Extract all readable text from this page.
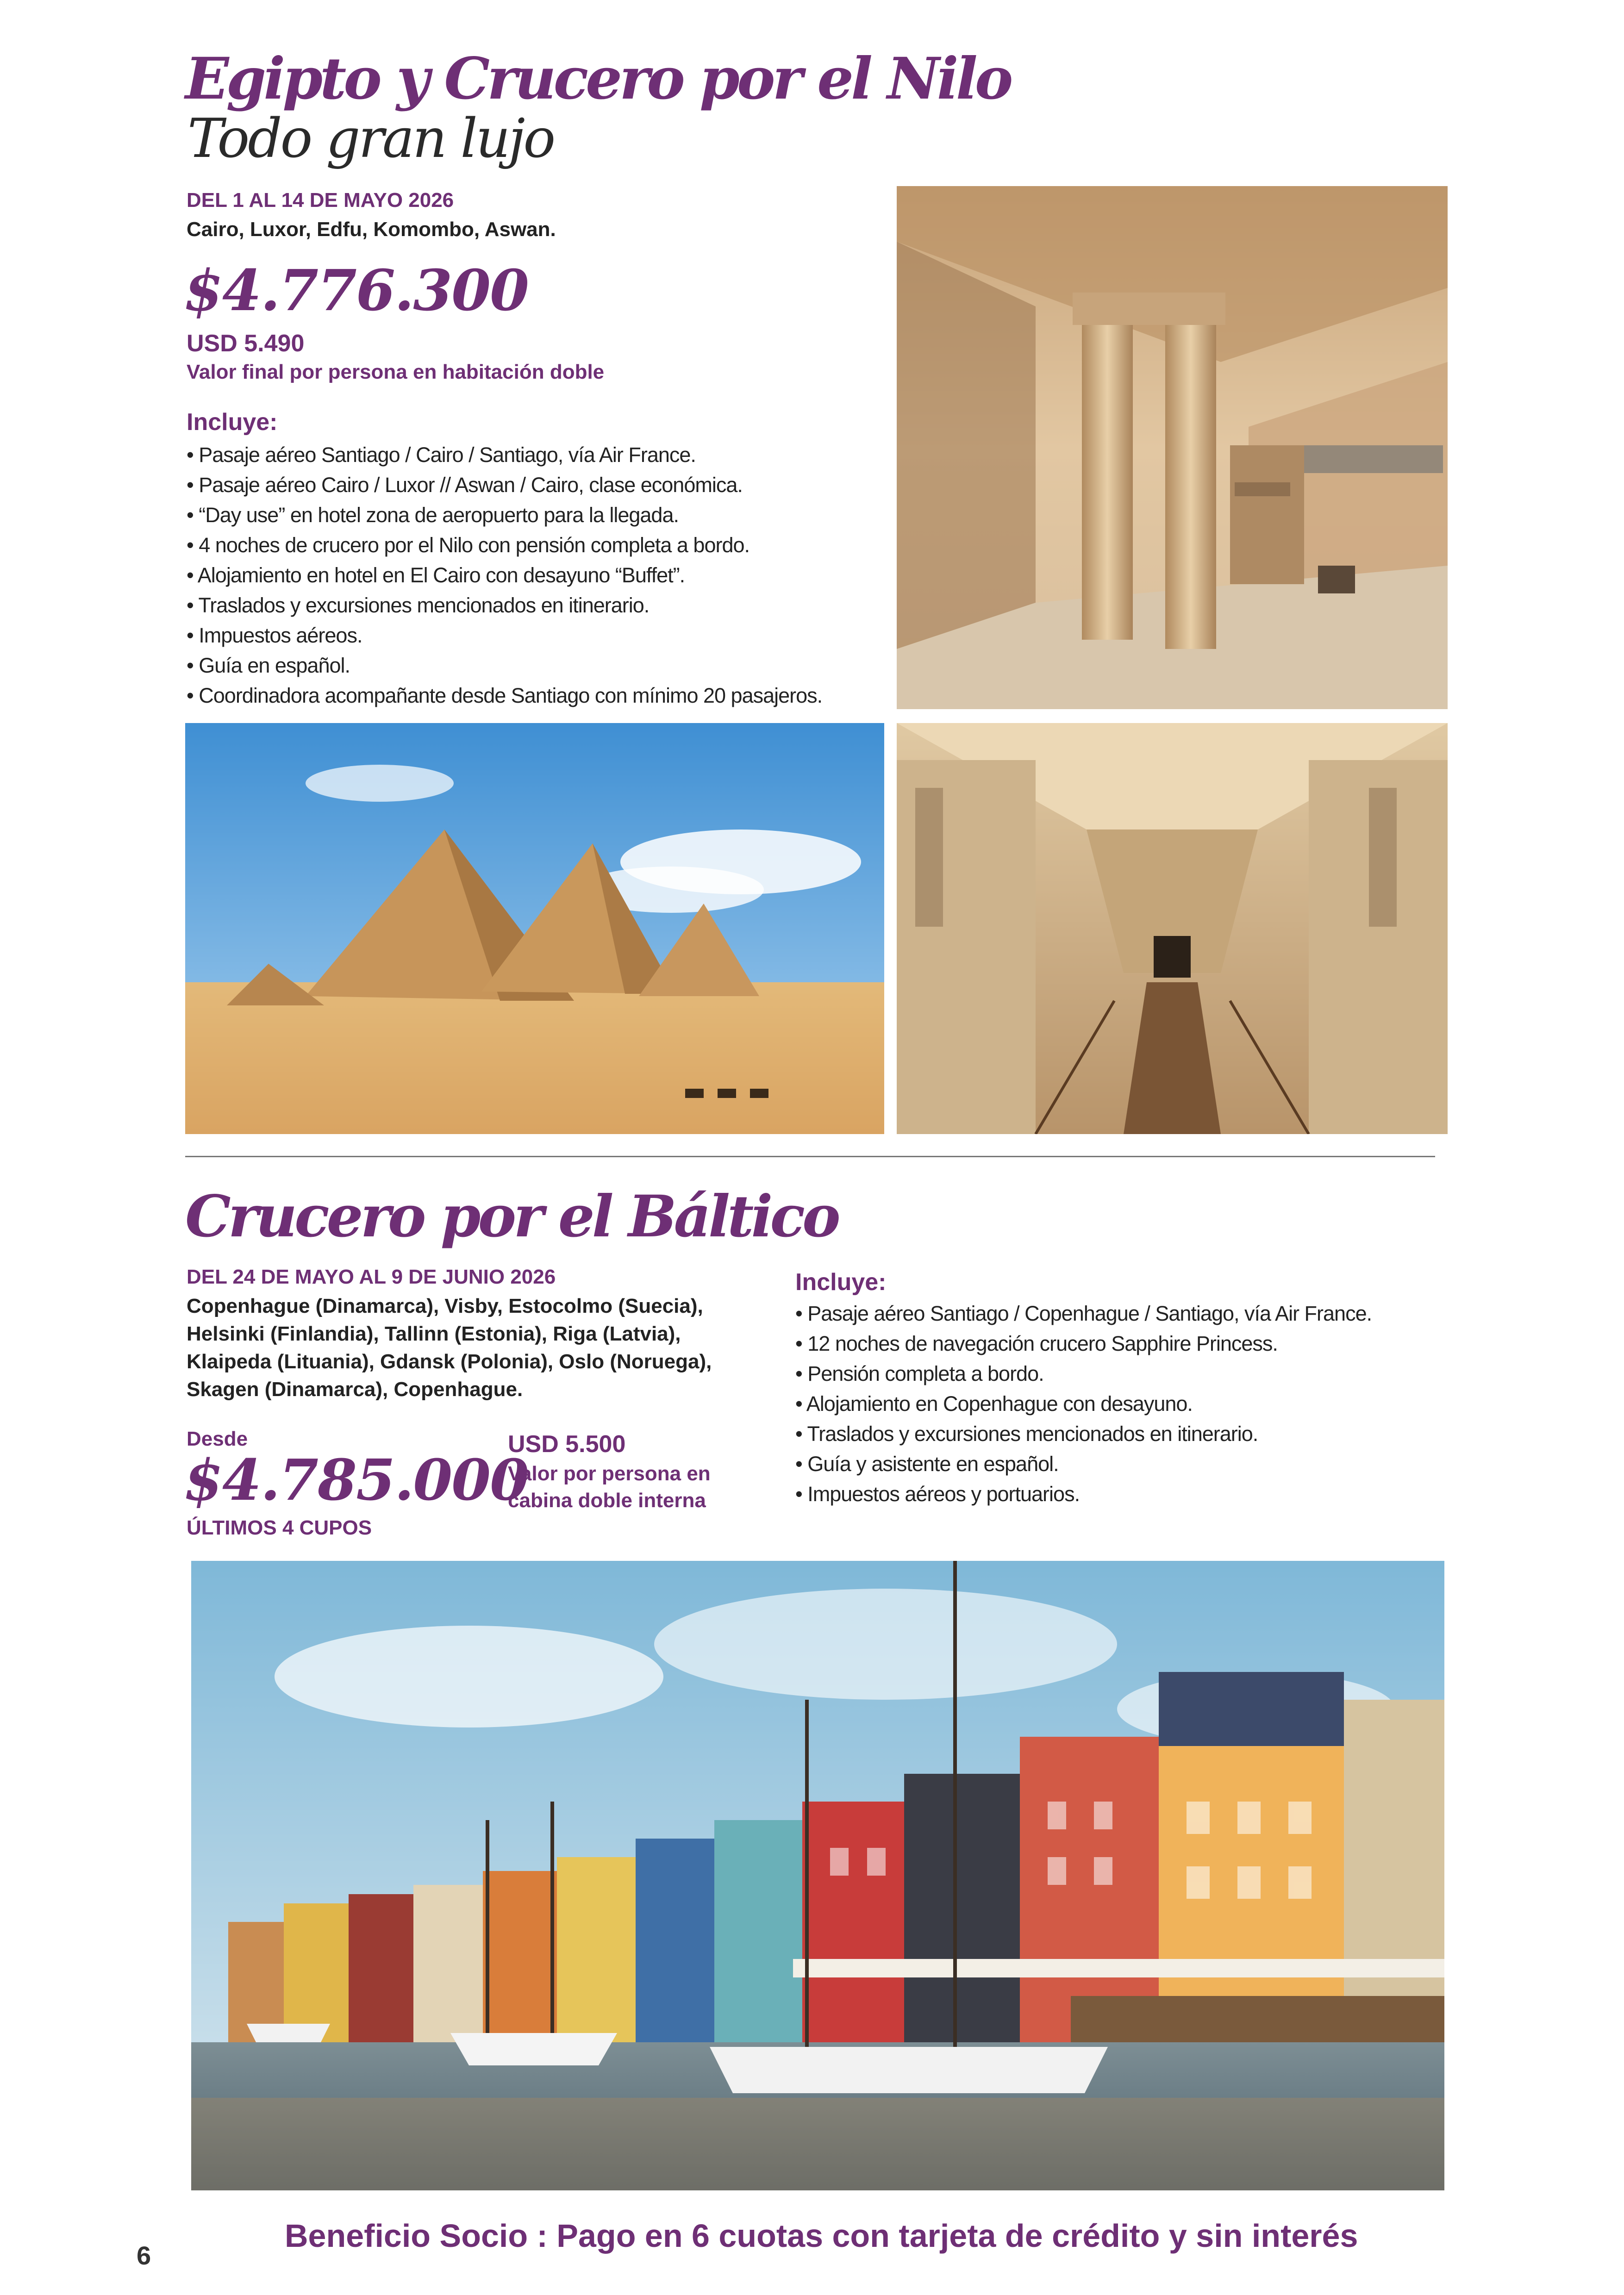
Egipto y Crucero por el Nilo
Todo gran lujo
DEL 1 AL 14 DE MAYO 2026
Cairo, Luxor, Edfu, Komombo, Aswan.
$4.776.300
USD 5.490
Valor final por persona en habitación doble
Incluye:
• Pasaje aéreo Santiago / Cairo / Santiago, vía Air France.
• Pasaje aéreo Cairo / Luxor // Aswan / Cairo, clase económica.
• “Day use” en hotel zona de aeropuerto para la llegada.
• 4 noches de crucero por el Nilo con pensión completa a bordo.
• Alojamiento en hotel en El Cairo con desayuno “Buffet”.
• Traslados y excursiones mencionados en itinerario.
• Impuestos aéreos.
• Guía en español.
• Coordinadora acompañante desde Santiago con mínimo 20 pasajeros.
Crucero por el Báltico
DEL 24 DE MAYO AL 9 DE JUNIO 2026
Copenhague (Dinamarca), Visby, Estocolmo (Suecia), Helsinki (Finlandia), Tallinn (Estonia), Riga (Latvia), Klaipeda (Lituania), Gdansk (Polonia), Oslo (Noruega), Skagen (Dinamarca), Copenhague.
Desde
$4.785.000
ÚLTIMOS 4 CUPOS
USD 5.500
Valor por persona en cabina doble interna
Incluye:
• Pasaje aéreo Santiago / Copenhague / Santiago, vía Air France.
• 12 noches de navegación crucero Sapphire Princess.
• Pensión completa a bordo.
• Alojamiento en Copenhague con desayuno.
• Traslados y excursiones mencionados en itinerario.
• Guía y asistente en español.
• Impuestos aéreos y portuarios.
6
Beneficio Socio : Pago en 6 cuotas con tarjeta de crédito y sin interés
